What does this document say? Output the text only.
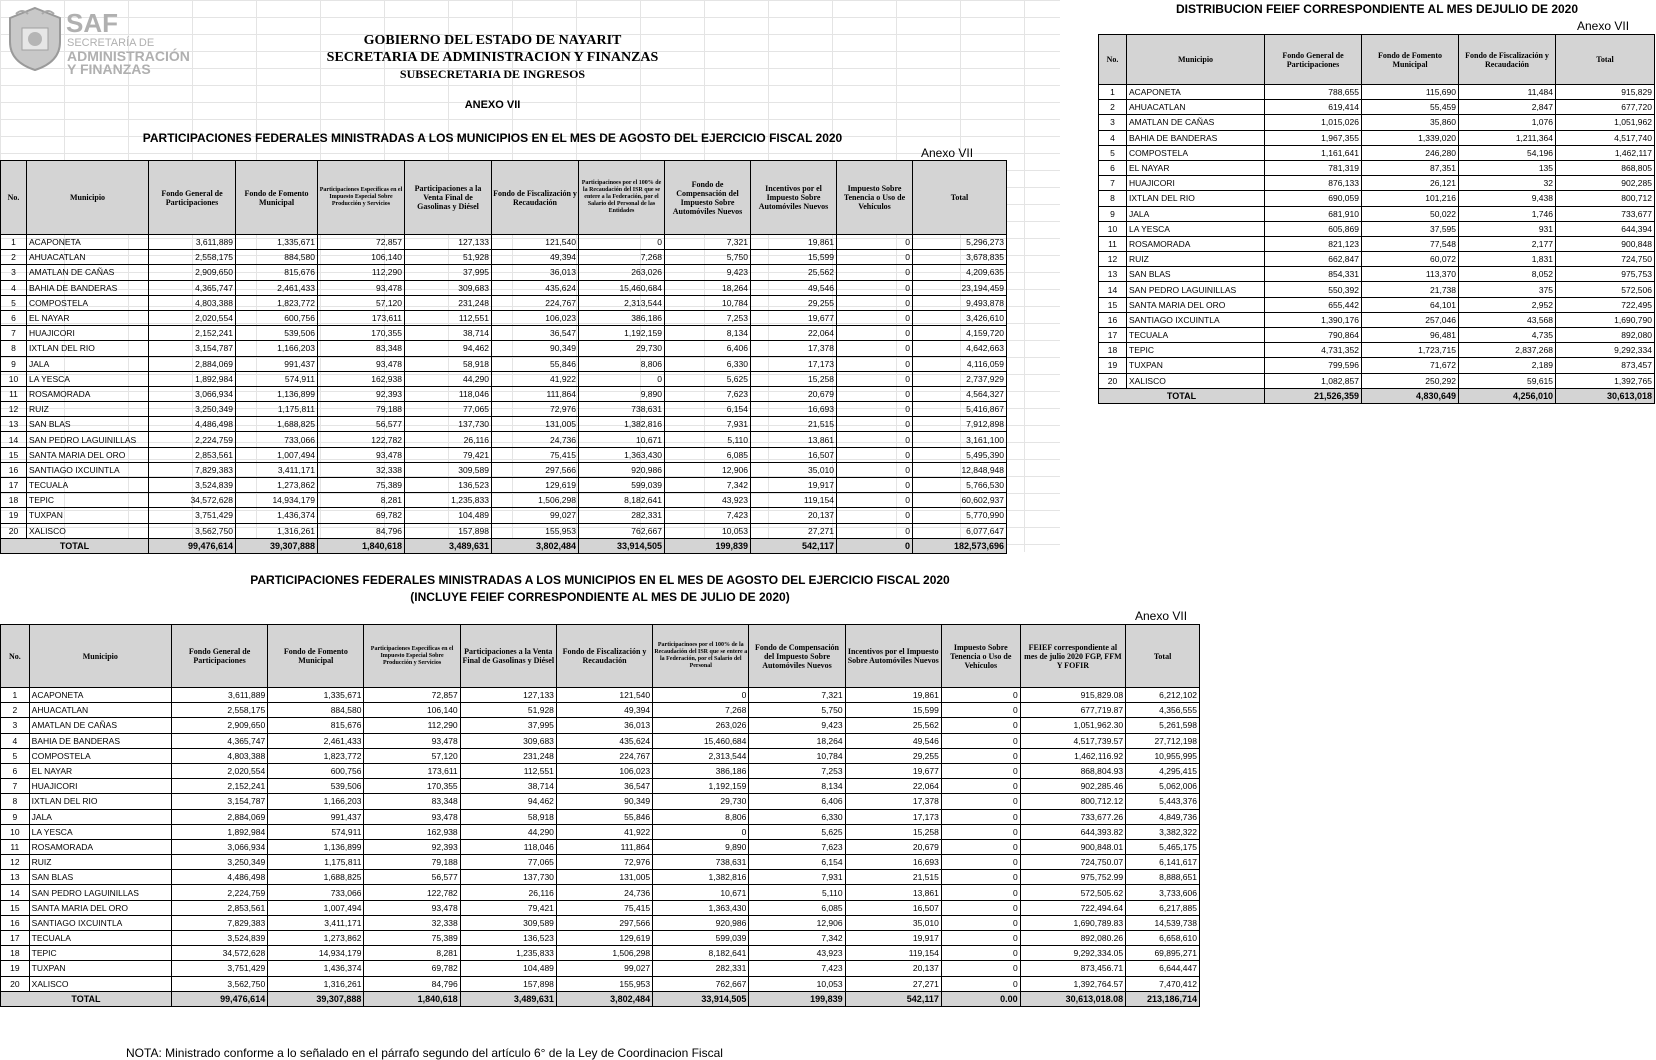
SAF
SECRETARÍA DE
ADMINISTRACIÓN
Y FINANZAS
GOBIERNO DEL ESTADO DE NAYARIT
SECRETARIA DE ADMINISTRACION Y FINANZAS
SUBSECRETARIA DE INGRESOS
ANEXO VII
PARTICIPACIONES FEDERALES MINISTRADAS A LOS MUNICIPIOS EN EL MES DE AGOSTO DEL EJERCICIO FISCAL 2020
Anexo VII
No.	Municipio	Fondo General de Participaciones	Fondo de Fomento Municipal	Participaciones Específicas en el Impuesto Especial Sobre Producción y Servicios	Participaciones a la Venta Final de Gasolinas y Diésel	Fondo de Fiscalización y Recaudación	Participacinoes por el 100% de la Recaudación del ISR que se entere a la Federación, por el Salario del Personal de las Entidades	Fondo de Compensación del Impuesto Sobre Automóviles Nuevos	Incentivos por el Impuesto Sobre Automóviles Nuevos	Impuesto Sobre Tenencia o Uso de Vehículos	Total
1	ACAPONETA	3,611,889	1,335,671	72,857	127,133	121,540	0	7,321	19,861	0	5,296,273
2	AHUACATLAN	2,558,175	884,580	106,140	51,928	49,394	7,268	5,750	15,599	0	3,678,835
3	AMATLAN DE CAÑAS	2,909,650	815,676	112,290	37,995	36,013	263,026	9,423	25,562	0	4,209,635
4	BAHIA DE BANDERAS	4,365,747	2,461,433	93,478	309,683	435,624	15,460,684	18,264	49,546	0	23,194,459
5	COMPOSTELA	4,803,388	1,823,772	57,120	231,248	224,767	2,313,544	10,784	29,255	0	9,493,878
6	EL NAYAR	2,020,554	600,756	173,611	112,551	106,023	386,186	7,253	19,677	0	3,426,610
7	HUAJICORI	2,152,241	539,506	170,355	38,714	36,547	1,192,159	8,134	22,064	0	4,159,720
8	IXTLAN DEL RIO	3,154,787	1,166,203	83,348	94,462	90,349	29,730	6,406	17,378	0	4,642,663
9	JALA	2,884,069	991,437	93,478	58,918	55,846	8,806	6,330	17,173	0	4,116,059
10	LA YESCA	1,892,984	574,911	162,938	44,290	41,922	0	5,625	15,258	0	2,737,929
11	ROSAMORADA	3,066,934	1,136,899	92,393	118,046	111,864	9,890	7,623	20,679	0	4,564,327
12	RUIZ	3,250,349	1,175,811	79,188	77,065	72,976	738,631	6,154	16,693	0	5,416,867
13	SAN BLAS	4,486,498	1,688,825	56,577	137,730	131,005	1,382,816	7,931	21,515	0	7,912,898
14	SAN PEDRO LAGUINILLAS	2,224,759	733,066	122,782	26,116	24,736	10,671	5,110	13,861	0	3,161,100
15	SANTA MARIA DEL ORO	2,853,561	1,007,494	93,478	79,421	75,415	1,363,430	6,085	16,507	0	5,495,390
16	SANTIAGO IXCUINTLA	7,829,383	3,411,171	32,338	309,589	297,566	920,986	12,906	35,010	0	12,848,948
17	TECUALA	3,524,839	1,273,862	75,389	136,523	129,619	599,039	7,342	19,917	0	5,766,530
18	TEPIC	34,572,628	14,934,179	8,281	1,235,833	1,506,298	8,182,641	43,923	119,154	0	60,602,937
19	TUXPAN	3,751,429	1,436,374	69,782	104,489	99,027	282,331	7,423	20,137	0	5,770,990
20	XALISCO	3,562,750	1,316,261	84,796	157,898	155,953	762,667	10,053	27,271	0	6,077,647
TOTAL		99,476,614	39,307,888	1,840,618	3,489,631	3,802,484	33,914,505	199,839	542,117	0	182,573,696
DISTRIBUCION FEIEF CORRESPONDIENTE AL MES DEJULIO DE 2020
Anexo VII
No.	Municipio	Fondo General de Participaciones	Fondo de Fomento Municipal	Fondo de Fiscalización y Recaudación	Total
1	ACAPONETA	788,655	115,690	11,484	915,829
2	AHUACATLAN	619,414	55,459	2,847	677,720
3	AMATLAN DE CAÑAS	1,015,026	35,860	1,076	1,051,962
4	BAHIA DE BANDERAS	1,967,355	1,339,020	1,211,364	4,517,740
5	COMPOSTELA	1,161,641	246,280	54,196	1,462,117
6	EL NAYAR	781,319	87,351	135	868,805
7	HUAJICORI	876,133	26,121	32	902,285
8	IXTLAN DEL RIO	690,059	101,216	9,438	800,712
9	JALA	681,910	50,022	1,746	733,677
10	LA YESCA	605,869	37,595	931	644,394
11	ROSAMORADA	821,123	77,548	2,177	900,848
12	RUIZ	662,847	60,072	1,831	724,750
13	SAN BLAS	854,331	113,370	8,052	975,753
14	SAN PEDRO LAGUINILLAS	550,392	21,738	375	572,506
15	SANTA MARIA DEL ORO	655,442	64,101	2,952	722,495
16	SANTIAGO IXCUINTLA	1,390,176	257,046	43,568	1,690,790
17	TECUALA	790,864	96,481	4,735	892,080
18	TEPIC	4,731,352	1,723,715	2,837,268	9,292,334
19	TUXPAN	799,596	71,672	2,189	873,457
20	XALISCO	1,082,857	250,292	59,615	1,392,765
TOTAL		21,526,359	4,830,649	4,256,010	30,613,018
PARTICIPACIONES FEDERALES MINISTRADAS A LOS MUNICIPIOS EN EL MES DE AGOSTO DEL EJERCICIO FISCAL 2020
(INCLUYE FEIEF CORRESPONDIENTE AL MES DE JULIO DE 2020)
Anexo VII
No.	Municipio	Fondo General de Participaciones	Fondo de Fomento Municipal	Participaciones Específicas en el Impuesto Especial Sobre Producción y Servicios	Participaciones a la Venta Final de Gasolinas y Diésel	Fondo de Fiscalización y Recaudación	Participacinoes por el 100% de la Recaudación del ISR que se entere a la Federación, por el Salario del Personal	Fondo de Compensación del Impuesto Sobre Automóviles Nuevos	Incentivos por el Impuesto Sobre Automóviles Nuevos	Impuesto Sobre Tenencia o Uso de Vehículos	FEIEF correspondiente al mes de julio 2020 FGP, FFM Y FOFIR	Total
1	ACAPONETA	3,611,889	1,335,671	72,857	127,133	121,540	0	7,321	19,861	0	915,829.08	6,212,102
2	AHUACATLAN	2,558,175	884,580	106,140	51,928	49,394	7,268	5,750	15,599	0	677,719.87	4,356,555
3	AMATLAN DE CAÑAS	2,909,650	815,676	112,290	37,995	36,013	263,026	9,423	25,562	0	1,051,962.30	5,261,598
4	BAHIA DE BANDERAS	4,365,747	2,461,433	93,478	309,683	435,624	15,460,684	18,264	49,546	0	4,517,739.57	27,712,198
5	COMPOSTELA	4,803,388	1,823,772	57,120	231,248	224,767	2,313,544	10,784	29,255	0	1,462,116.92	10,955,995
6	EL NAYAR	2,020,554	600,756	173,611	112,551	106,023	386,186	7,253	19,677	0	868,804.93	4,295,415
7	HUAJICORI	2,152,241	539,506	170,355	38,714	36,547	1,192,159	8,134	22,064	0	902,285.46	5,062,006
8	IXTLAN DEL RIO	3,154,787	1,166,203	83,348	94,462	90,349	29,730	6,406	17,378	0	800,712.12	5,443,376
9	JALA	2,884,069	991,437	93,478	58,918	55,846	8,806	6,330	17,173	0	733,677.26	4,849,736
10	LA YESCA	1,892,984	574,911	162,938	44,290	41,922	0	5,625	15,258	0	644,393.82	3,382,322
11	ROSAMORADA	3,066,934	1,136,899	92,393	118,046	111,864	9,890	7,623	20,679	0	900,848.01	5,465,175
12	RUIZ	3,250,349	1,175,811	79,188	77,065	72,976	738,631	6,154	16,693	0	724,750.07	6,141,617
13	SAN BLAS	4,486,498	1,688,825	56,577	137,730	131,005	1,382,816	7,931	21,515	0	975,752.99	8,888,651
14	SAN PEDRO LAGUINILLAS	2,224,759	733,066	122,782	26,116	24,736	10,671	5,110	13,861	0	572,505.62	3,733,606
15	SANTA MARIA DEL ORO	2,853,561	1,007,494	93,478	79,421	75,415	1,363,430	6,085	16,507	0	722,494.64	6,217,885
16	SANTIAGO IXCUINTLA	7,829,383	3,411,171	32,338	309,589	297,566	920,986	12,906	35,010	0	1,690,789.83	14,539,738
17	TECUALA	3,524,839	1,273,862	75,389	136,523	129,619	599,039	7,342	19,917	0	892,080.26	6,658,610
18	TEPIC	34,572,628	14,934,179	8,281	1,235,833	1,506,298	8,182,641	43,923	119,154	0	9,292,334.05	69,895,271
19	TUXPAN	3,751,429	1,436,374	69,782	104,489	99,027	282,331	7,423	20,137	0	873,456.71	6,644,447
20	XALISCO	3,562,750	1,316,261	84,796	157,898	155,953	762,667	10,053	27,271	0	1,392,764.57	7,470,412
TOTAL		99,476,614	39,307,888	1,840,618	3,489,631	3,802,484	33,914,505	199,839	542,117	0.00	30,613,018.08	213,186,714
NOTA: Ministrado conforme a lo señalado en el párrafo segundo del artículo 6° de la Ley de Coordinacion Fiscal
